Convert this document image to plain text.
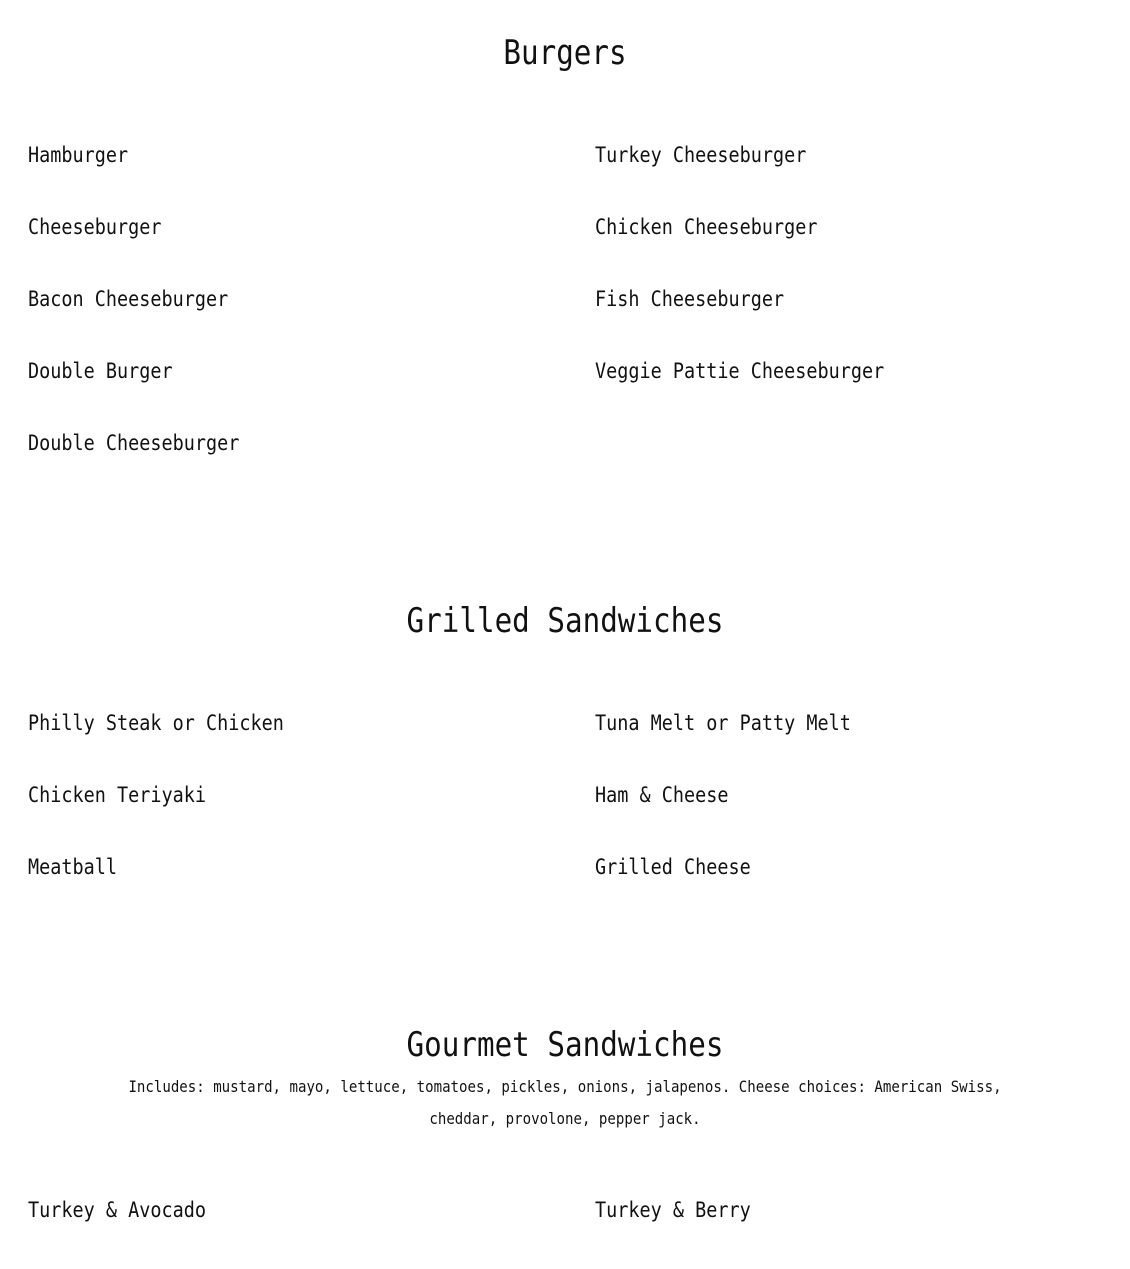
Burgers
Hamburger
Cheeseburger
Bacon Cheeseburger
Double Burger
Double Cheeseburger
Turkey Cheeseburger
Chicken Cheeseburger
Fish Cheeseburger
Veggie Pattie Cheeseburger
Grilled Sandwiches
Philly Steak or Chicken
Chicken Teriyaki
Meatball
Tuna Melt or Patty Melt
Ham & Cheese
Grilled Cheese
Gourmet Sandwiches

Includes: mustard, mayo, lettuce, tomatoes, pickles, onions, jalapenos. Cheese choices: American Swiss, cheddar, provolone, pepper jack.

Turkey & Avocado	Turkey & Berry
